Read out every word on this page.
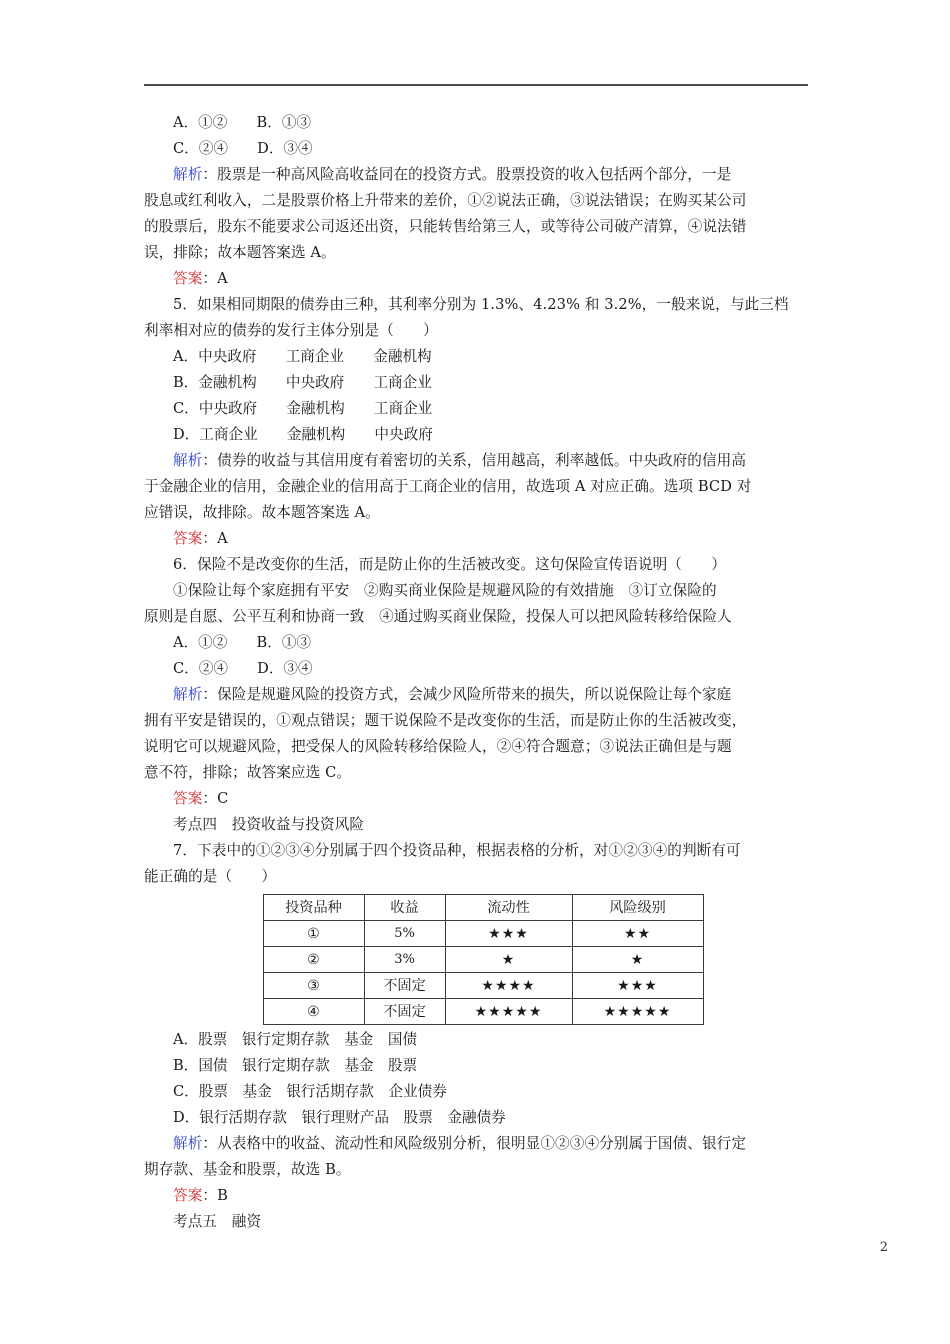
A．①②　　B．①③
C．②④　　D．③④
解析：股票是一种高风险高收益同在的投资方式。股票投资的收入包括两个部分，一是
股息或红利收入，二是股票价格上升带来的差价，①②说法正确，③说法错误；在购买某公司
的股票后，股东不能要求公司返还出资，只能转售给第三人，或等待公司破产清算，④说法错
误，排除；故本题答案选 A。
答案：A
5．如果相同期限的债券由三种，其利率分别为 1.3%、4.23% 和 3.2%，一般来说，与此三档
利率相对应的债券的发行主体分别是（　　）
A．中央政府　　工商企业　　金融机构
B．金融机构　　中央政府　　工商企业
C．中央政府　　金融机构　　工商企业
D．工商企业　　金融机构　　中央政府
解析：债券的收益与其信用度有着密切的关系，信用越高，利率越低。中央政府的信用高
于金融企业的信用，金融企业的信用高于工商企业的信用，故选项 A 对应正确。选项 BCD 对
应错误，故排除。故本题答案选 A。
答案：A
6．保险不是改变你的生活，而是防止你的生活被改变。这句保险宣传语说明（　　）
①保险让每个家庭拥有平安　②购买商业保险是规避风险的有效措施　③订立保险的
原则是自愿、公平互利和协商一致　④通过购买商业保险，投保人可以把风险转移给保险人
A．①②　　B．①③
C．②④　　D．③④
解析：保险是规避风险的投资方式，会减少风险所带来的损失，所以说保险让每个家庭
拥有平安是错误的，①观点错误；题干说保险不是改变你的生活，而是防止你的生活被改变，
说明它可以规避风险，把受保人的风险转移给保险人，②④符合题意；③说法正确但是与题
意不符，排除；故答案应选 C。
答案：C
考点四　投资收益与投资风险
7．下表中的①②③④分别属于四个投资品种，根据表格的分析，对①②③④的判断有可
能正确的是（　　）
投资品种	收益	流动性	风险级别
①	5%	★★★	★★
②	3%	★	★
③	不固定	★★★★	★★★
④	不固定	★★★★★	★★★★★
A．股票　银行定期存款　基金　国债
B．国债　银行定期存款　基金　股票
C．股票　基金　银行活期存款　企业债券
D．银行活期存款　银行理财产品　股票　金融债券
解析：从表格中的收益、流动性和风险级别分析，很明显①②③④分别属于国债、银行定
期存款、基金和股票，故选 B。
答案：B
考点五　融资
2
